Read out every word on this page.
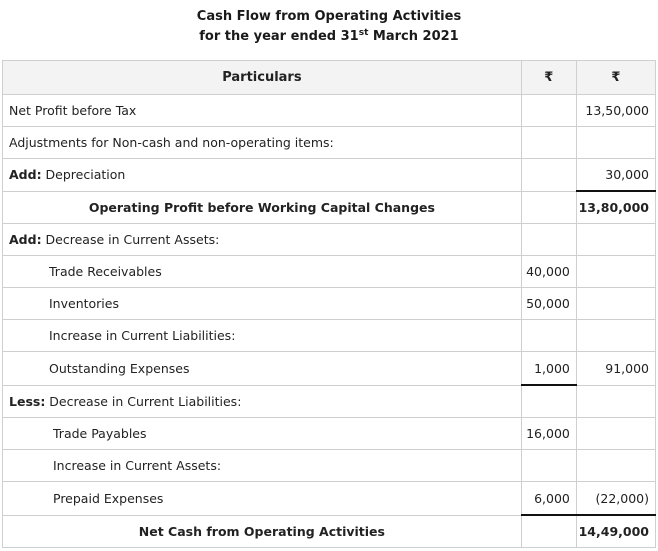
Cash Flow from Operating Activities
for the year ended 31st March 2021
Particulars	₹	₹
Net Profit before Tax		13,50,000
Adjustments for Non-cash and non-operating items:		
Add: Depreciation		30,000
Operating Profit before Working Capital Changes		13,80,000
Add: Decrease in Current Assets:		
Trade Receivables	40,000	
Inventories	50,000	
Increase in Current Liabilities:		
Outstanding Expenses	1,000	91,000
Less: Decrease in Current Liabilities:		
Trade Payables	16,000	
Increase in Current Assets:		
Prepaid Expenses	6,000	(22,000)
Net Cash from Operating Activities		14,49,000
